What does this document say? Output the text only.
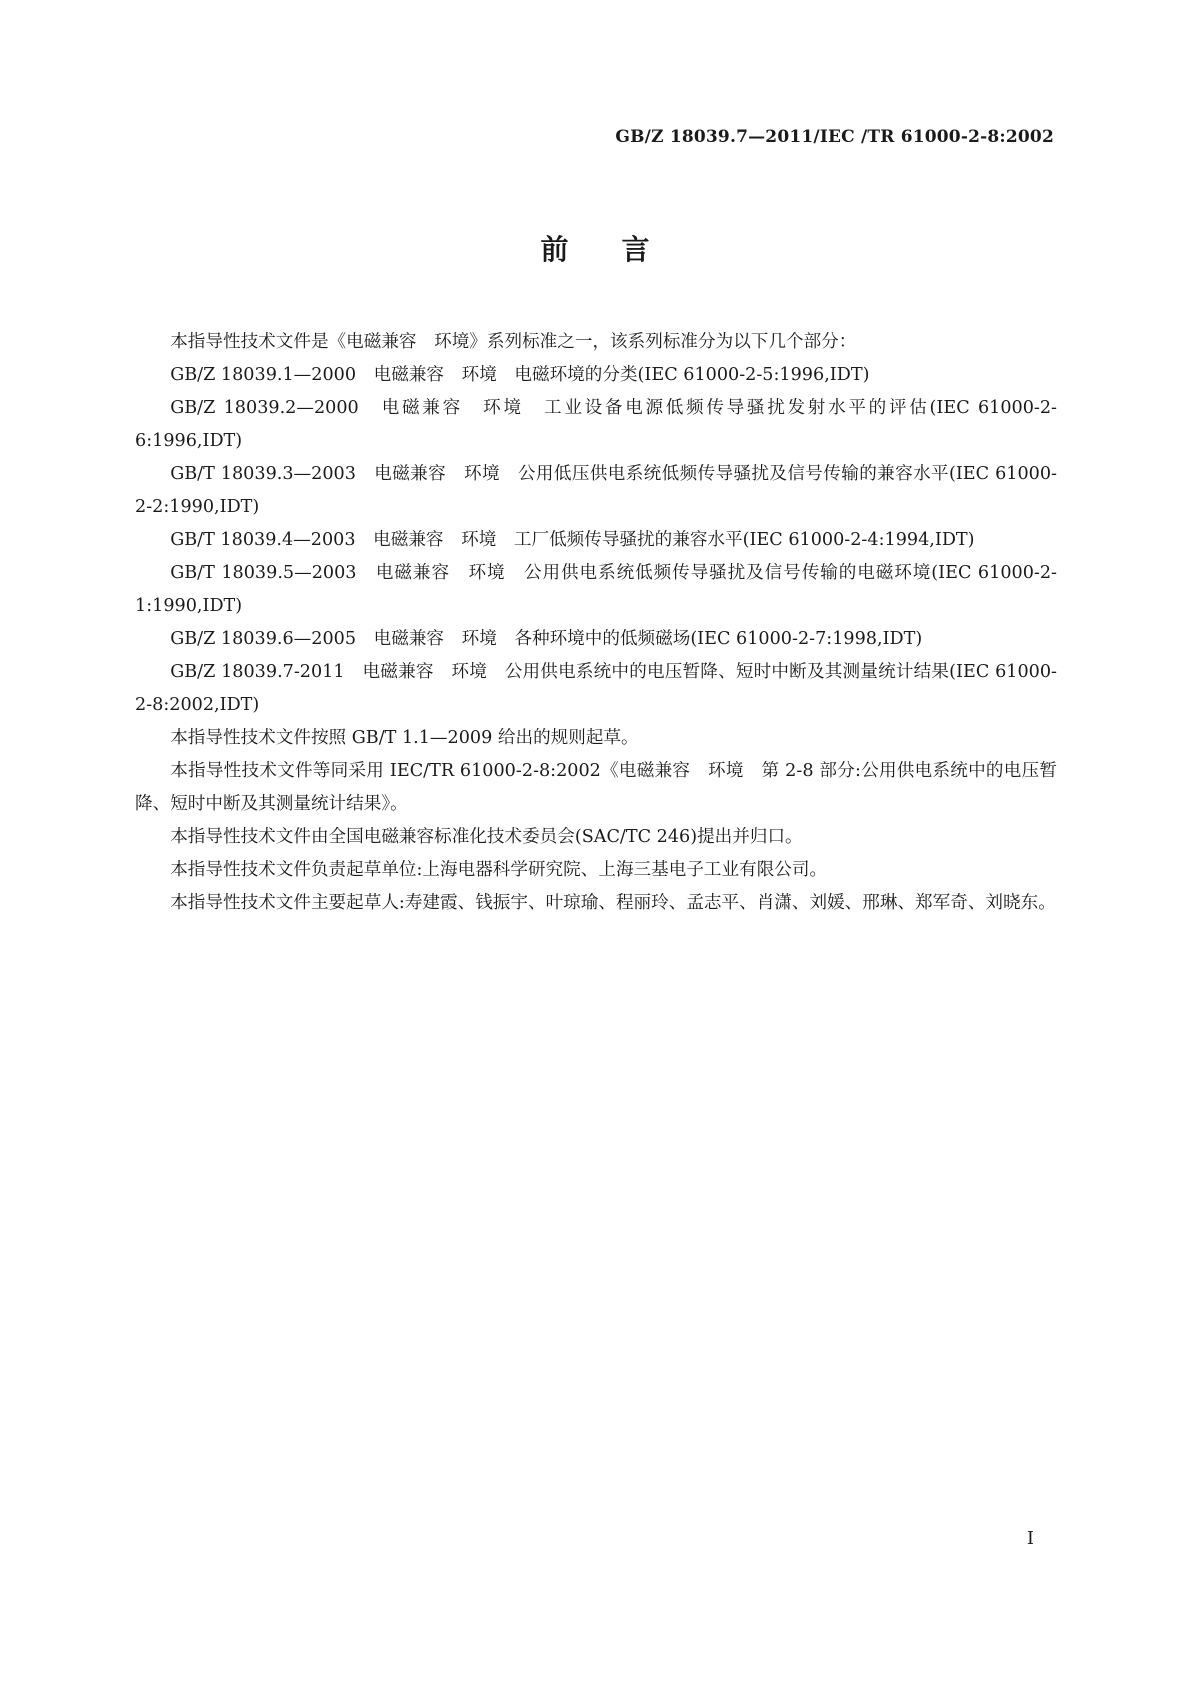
GB/Z 18039.7—2011/IEC /TR 61000-2-8:2002
前 言

本指导性技术文件是《电磁兼容　环境》系列标准之一，该系列标准分为以下几个部分：

GB/Z 18039.1—2000　电磁兼容　环境　电磁环境的分类(IEC 61000-2-5:1996,IDT)

GB/Z 18039.2—2000　电磁兼容　环境　工业设备电源低频传导骚扰发射水平的评估(IEC 61000-2-6:1996,IDT)

GB/T 18039.3—2003　电磁兼容　环境　公用低压供电系统低频传导骚扰及信号传输的兼容水平(IEC 61000-2-2:1990,IDT)

GB/T 18039.4—2003　电磁兼容　环境　工厂低频传导骚扰的兼容水平(IEC 61000-2-4:1994,IDT)

GB/T 18039.5—2003　电磁兼容　环境　公用供电系统低频传导骚扰及信号传输的电磁环境(IEC 61000-2-1:1990,IDT)

GB/Z 18039.6—2005　电磁兼容　环境　各种环境中的低频磁场(IEC 61000-2-7:1998,IDT)

GB/Z 18039.7-2011　电磁兼容　环境　公用供电系统中的电压暂降、短时中断及其测量统计结果(IEC 61000-2-8:2002,IDT)

本指导性技术文件按照 GB/T 1.1—2009 给出的规则起草。

本指导性技术文件等同采用 IEC/TR 61000-2-8:2002《电磁兼容　环境　第 2-8 部分:公用供电系统中的电压暂降、短时中断及其测量统计结果》。

本指导性技术文件由全国电磁兼容标准化技术委员会(SAC/TC 246)提出并归口。

本指导性技术文件负责起草单位:上海电器科学研究院、上海三基电子工业有限公司。

本指导性技术文件主要起草人:寿建霞、钱振宇、叶琼瑜、程丽玲、孟志平、肖潇、刘媛、邢琳、郑军奇、刘晓东。

I
